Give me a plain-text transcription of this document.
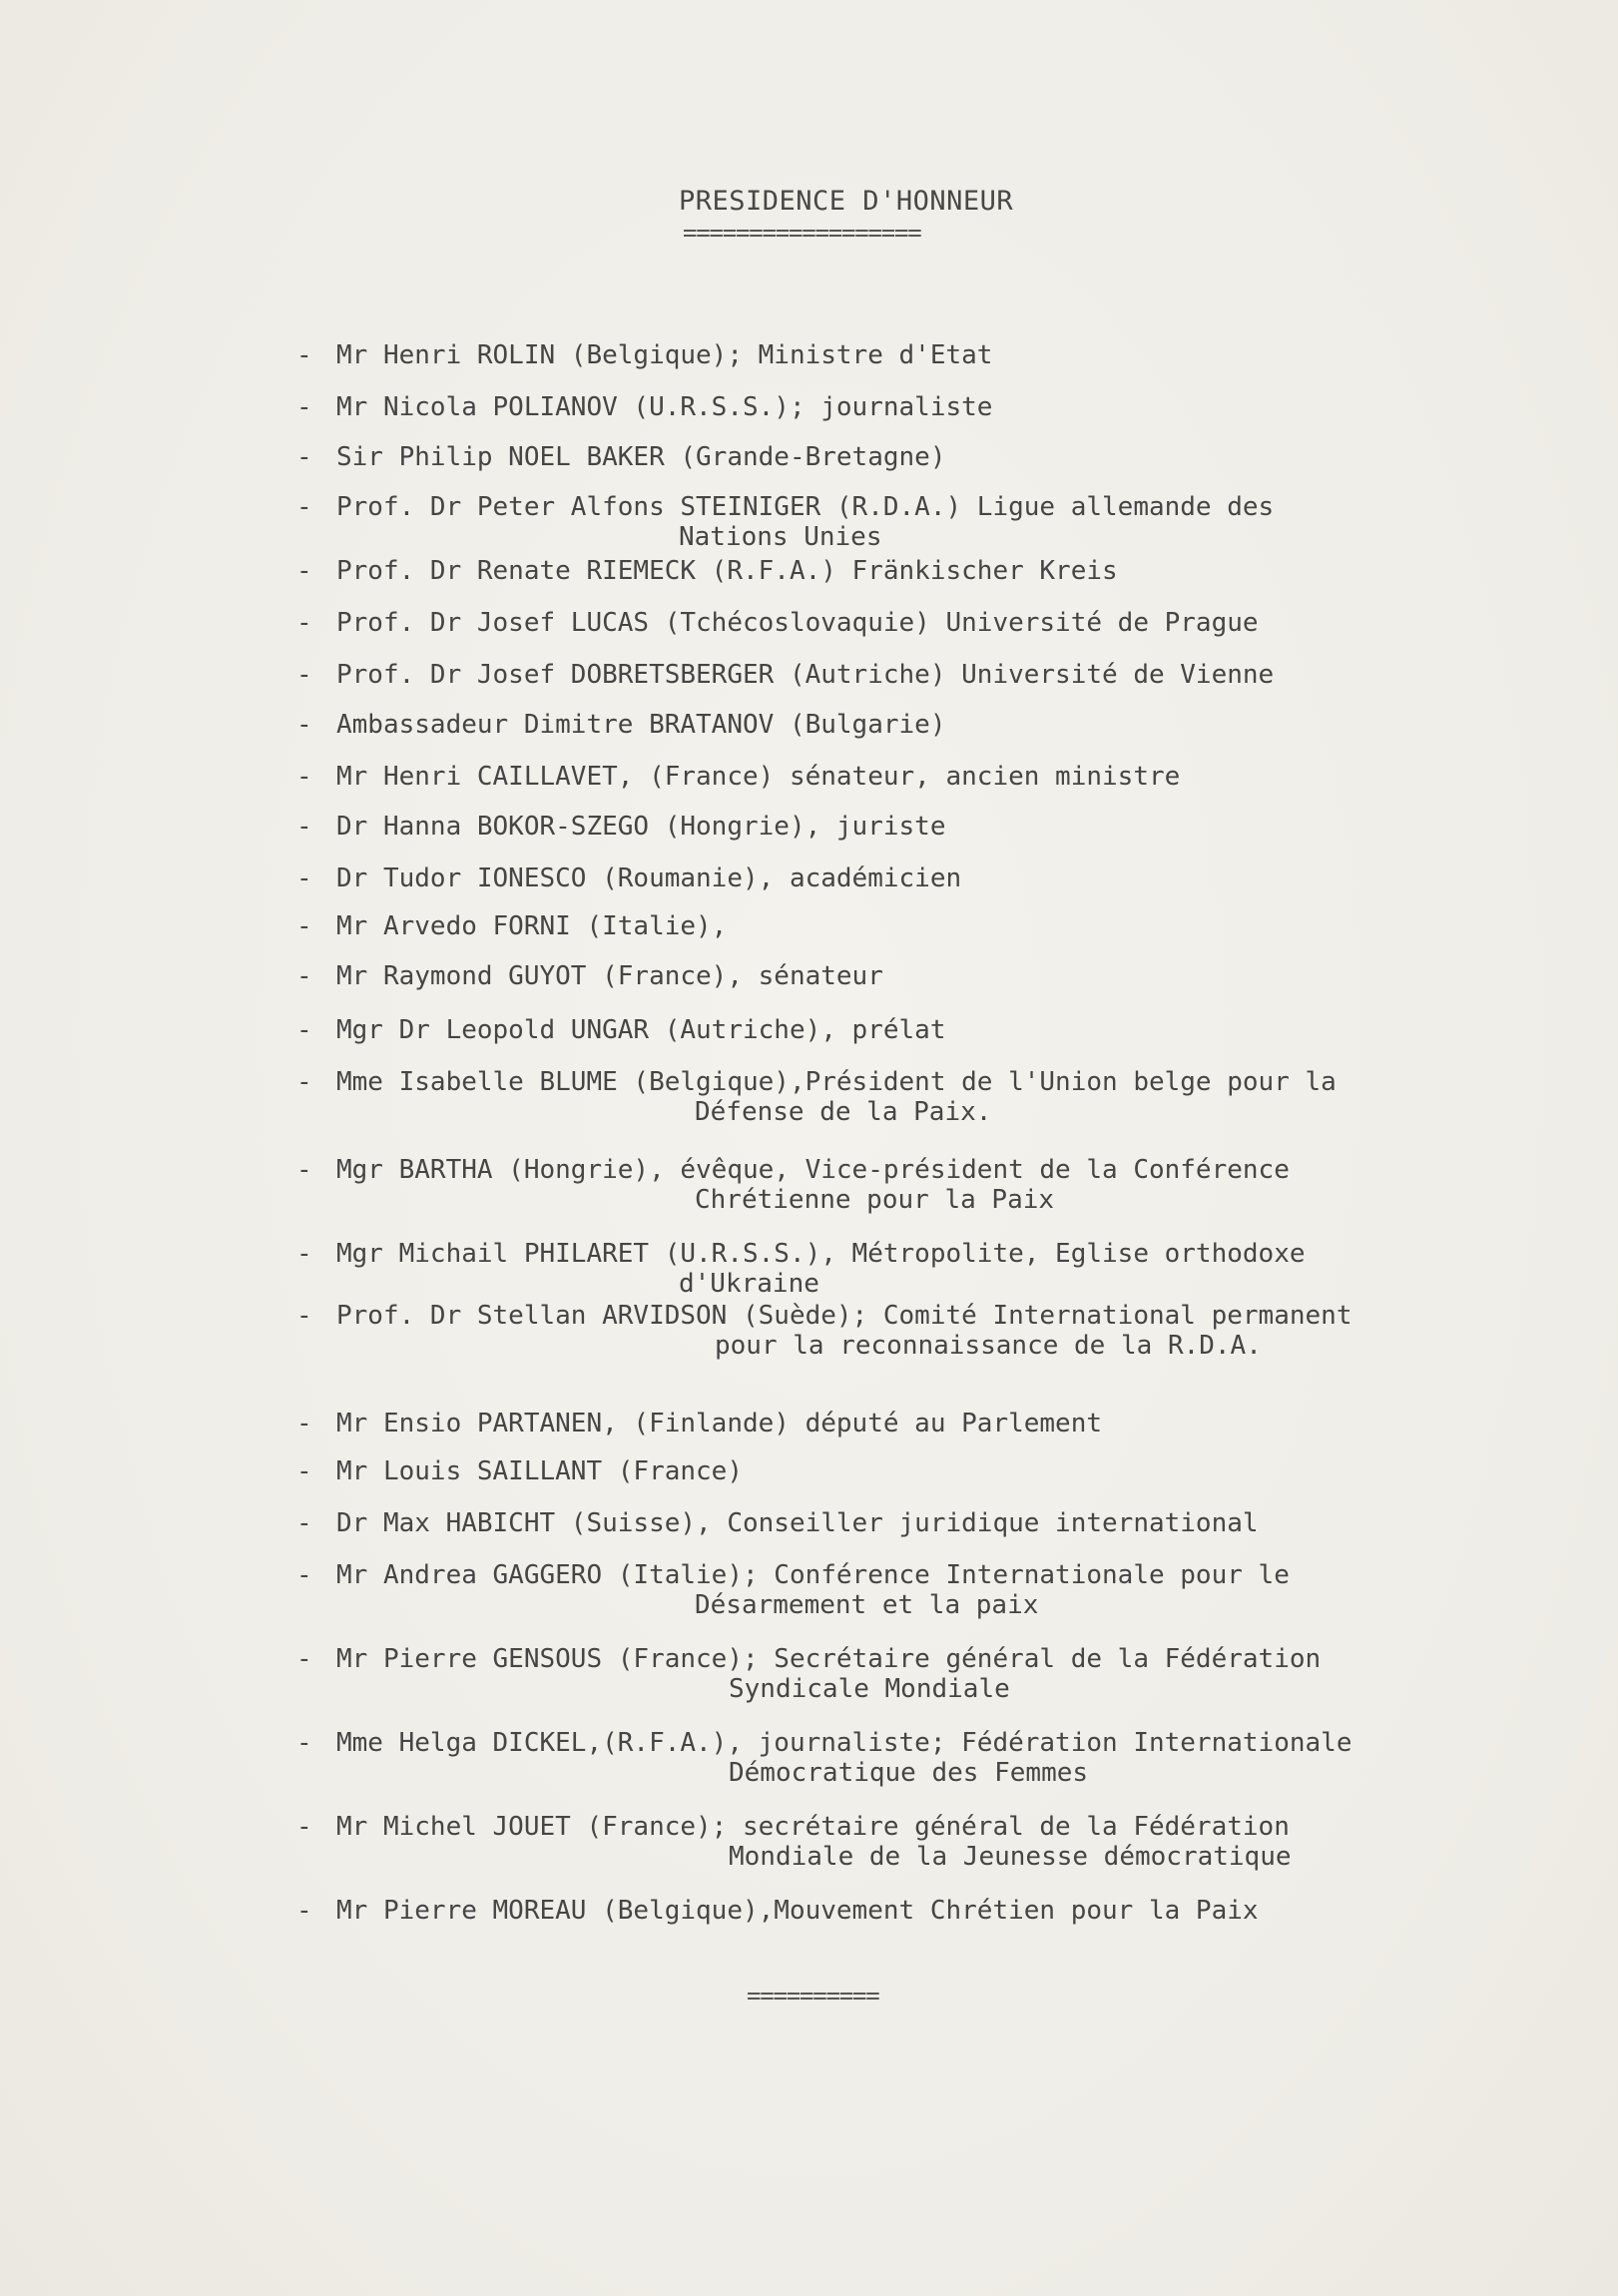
PRESIDENCE D'HONNEUR
==================

- Mr Henri ROLIN (Belgique); Ministre d'Etat

- Mr Nicola POLIANOV (U.R.S.S.); journaliste

- Sir Philip NOEL BAKER (Grande-Bretagne)

- Prof. Dr Peter Alfons STEINIGER (R.D.A.) Ligue allemande des

Nations Unies

- Prof. Dr Renate RIEMECK (R.F.A.) Fränkischer Kreis

- Prof. Dr Josef LUCAS (Tchécoslovaquie) Université de Prague

- Prof. Dr Josef DOBRETSBERGER (Autriche) Université de Vienne

- Ambassadeur Dimitre BRATANOV (Bulgarie)

- Mr Henri CAILLAVET, (France) sénateur, ancien ministre

- Dr Hanna BOKOR-SZEGO (Hongrie), juriste

- Dr Tudor IONESCO (Roumanie), académicien

- Mr Arvedo FORNI (Italie),

- Mr Raymond GUYOT (France), sénateur

- Mgr Dr Leopold UNGAR (Autriche), prélat

- Mme Isabelle BLUME (Belgique),Président de l'Union belge pour la

Défense de la Paix.

- Mgr BARTHA (Hongrie), évêque, Vice-président de la Conférence

Chrétienne pour la Paix

- Mgr Michail PHILARET (U.R.S.S.), Métropolite, Eglise orthodoxe

d'Ukraine

- Prof. Dr Stellan ARVIDSON (Suède); Comité International permanent

pour la reconnaissance de la R.D.A.

- Mr Ensio PARTANEN, (Finlande) député au Parlement

- Mr Louis SAILLANT (France)

- Dr Max HABICHT (Suisse), Conseiller juridique international

- Mr Andrea GAGGERO (Italie); Conférence Internationale pour le

Désarmement et la paix

- Mr Pierre GENSOUS (France); Secrétaire général de la Fédération

Syndicale Mondiale

- Mme Helga DICKEL,(R.F.A.), journaliste; Fédération Internationale

Démocratique des Femmes

- Mr Michel JOUET (France); secrétaire général de la Fédération

Mondiale de la Jeunesse démocratique

- Mr Pierre MOREAU (Belgique),Mouvement Chrétien pour la Paix

==========
